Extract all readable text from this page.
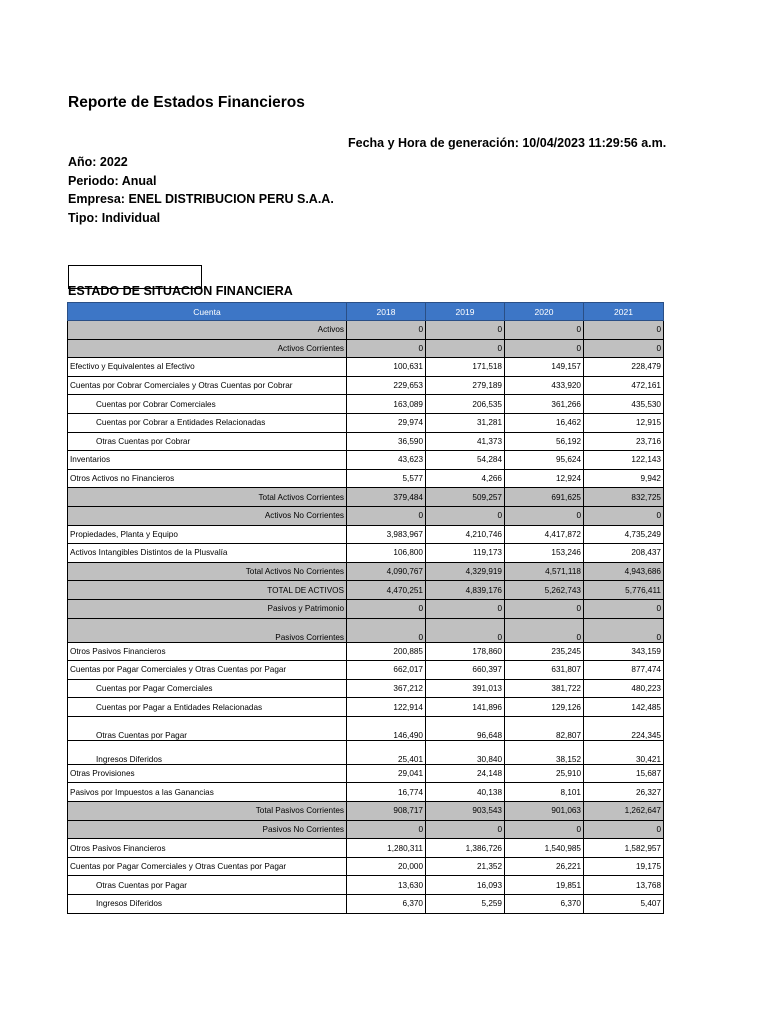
Reporte de Estados Financieros
Fecha y Hora de generación: 10/04/2023 11:29:56 a.m.
Año: 2022
Periodo: Anual
Empresa: ENEL DISTRIBUCION PERU S.A.A.
Tipo: Individual
ESTADO DE SITUACION FINANCIERA
Cuenta	2018	2019	2020	2021
Activos	0	0	0	0
Activos Corrientes	0	0	0	0
Efectivo y Equivalentes al Efectivo	100,631	171,518	149,157	228,479
Cuentas por Cobrar Comerciales y Otras Cuentas por Cobrar	229,653	279,189	433,920	472,161
Cuentas por Cobrar Comerciales	163,089	206,535	361,266	435,530
Cuentas por Cobrar a Entidades Relacionadas	29,974	31,281	16,462	12,915
Otras Cuentas por Cobrar	36,590	41,373	56,192	23,716
Inventarios	43,623	54,284	95,624	122,143
Otros Activos no Financieros	5,577	4,266	12,924	9,942
Total Activos Corrientes	379,484	509,257	691,625	832,725
Activos No Corrientes	0	0	0	0
Propiedades, Planta y Equipo	3,983,967	4,210,746	4,417,872	4,735,249
Activos Intangibles Distintos de la Plusvalía	106,800	119,173	153,246	208,437
Total Activos No Corrientes	4,090,767	4,329,919	4,571,118	4,943,686
TOTAL DE ACTIVOS	4,470,251	4,839,176	5,262,743	5,776,411
Pasivos y Patrimonio	0	0	0	0
Pasivos Corrientes	0	0	0	0
Otros Pasivos Financieros	200,885	178,860	235,245	343,159
Cuentas por Pagar Comerciales y Otras Cuentas por Pagar	662,017	660,397	631,807	877,474
Cuentas por Pagar Comerciales	367,212	391,013	381,722	480,223
Cuentas por Pagar a Entidades Relacionadas	122,914	141,896	129,126	142,485
Otras Cuentas por Pagar	146,490	96,648	82,807	224,345
Ingresos Diferidos	25,401	30,840	38,152	30,421
Otras Provisiones	29,041	24,148	25,910	15,687
Pasivos por Impuestos a las Ganancias	16,774	40,138	8,101	26,327
Total Pasivos Corrientes	908,717	903,543	901,063	1,262,647
Pasivos No Corrientes	0	0	0	0
Otros Pasivos Financieros	1,280,311	1,386,726	1,540,985	1,582,957
Cuentas por Pagar Comerciales y Otras Cuentas por Pagar	20,000	21,352	26,221	19,175
Otras Cuentas por Pagar	13,630	16,093	19,851	13,768
Ingresos Diferidos	6,370	5,259	6,370	5,407
